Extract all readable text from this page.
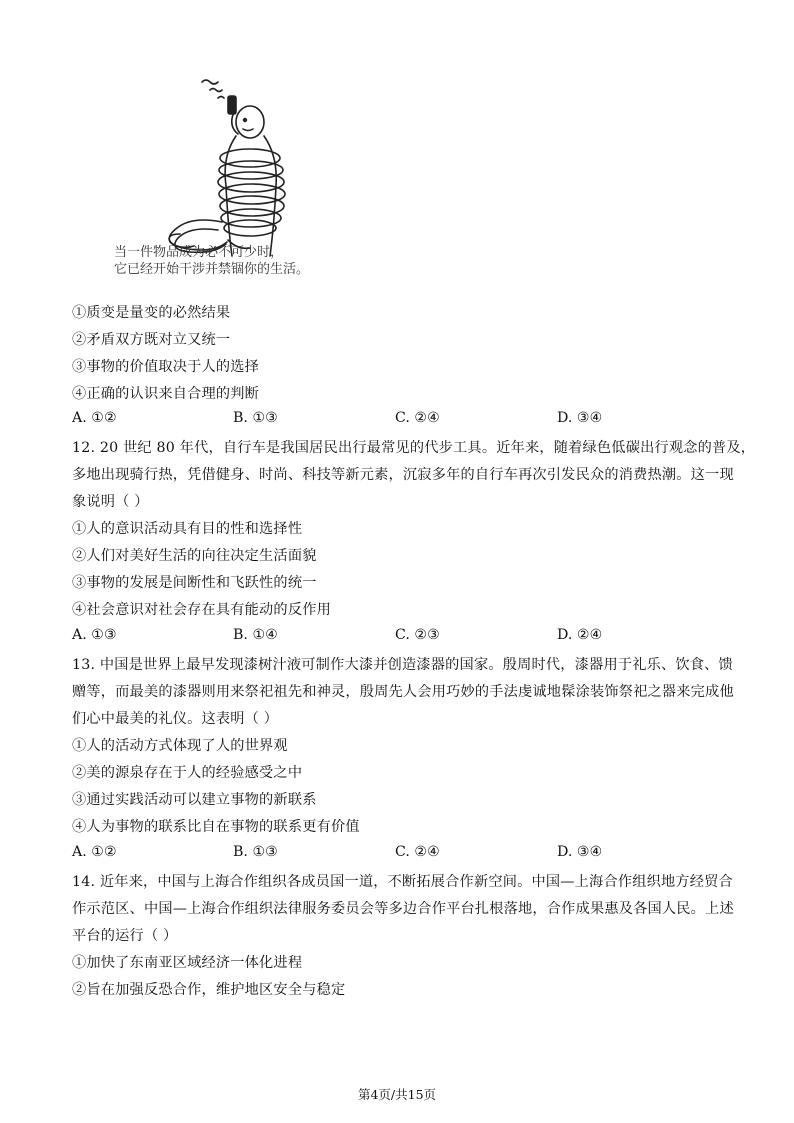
当一件物品成为必不可少时，
它已经开始干涉并禁锢你的生活。
①质变是量变的必然结果
②矛盾双方既对立又统一
③事物的价值取决于人的选择
④正确的认识来自合理的判断
A. ①②	B. ①③	C. ②④	D. ③④
12. 20 世纪 80 年代，自行车是我国居民出行最常见的代步工具。近年来，随着绿色低碳出行观念的普及，
多地出现骑行热，凭借健身、时尚、科技等新元素，沉寂多年的自行车再次引发民众的消费热潮。这一现
象说明（ ）
①人的意识活动具有目的性和选择性
②人们对美好生活的向往决定生活面貌
③事物的发展是间断性和飞跃性的统一
④社会意识对社会存在具有能动的反作用
A. ①③	B. ①④	C. ②③	D. ②④
13. 中国是世界上最早发现漆树汁液可制作大漆并创造漆器的国家。殷周时代，漆器用于礼乐、饮食、馈
赠等，而最美的漆器则用来祭祀祖先和神灵，殷周先人会用巧妙的手法虔诚地髹涂装饰祭祀之器来完成他
们心中最美的礼仪。这表明（ ）
①人的活动方式体现了人的世界观
②美的源泉存在于人的经验感受之中
③通过实践活动可以建立事物的新联系
④人为事物的联系比自在事物的联系更有价值
A. ①②	B. ①③	C. ②④	D. ③④
14. 近年来，中国与上海合作组织各成员国一道，不断拓展合作新空间。中国—上海合作组织地方经贸合
作示范区、中国—上海合作组织法律服务委员会等多边合作平台扎根落地，合作成果惠及各国人民。上述
平台的运行（ ）
①加快了东南亚区域经济一体化进程
②旨在加强反恐合作，维护地区安全与稳定
第4页/共15页
